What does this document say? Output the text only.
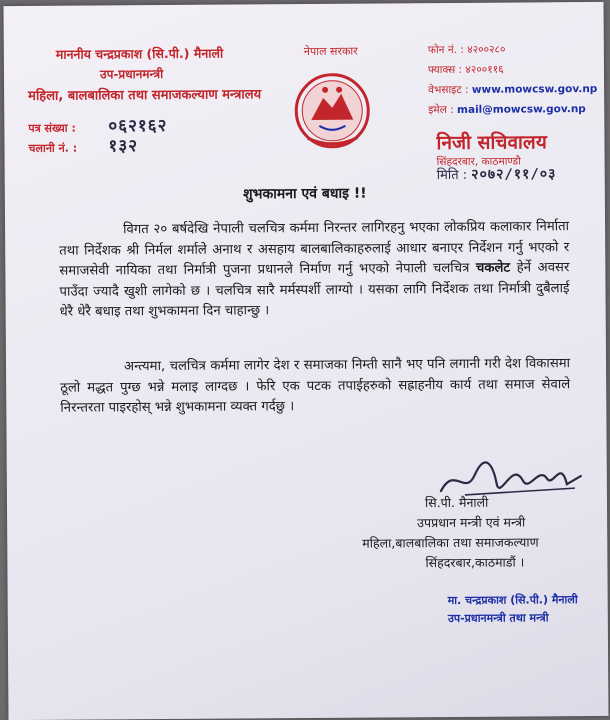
माननीय चन्द्रप्रकाश (सि.पी.) मैनाली
उप-प्रधानमन्त्री
महिला, बालबालिका तथा समाजकल्याण मन्त्रालय
पत्र संख्या : ०६२१६२
चलानी नं. : १३२
नेपाल सरकार	फोन नं. : ४२००२८०
फ्याक्स : ४२००११६
वेभसाइट : www.mowcsw.gov.np
इमेल : mail@mowcsw.gov.np
निजी सचिवालय
सिंहदरबार, काठमाण्डौ
मिति : २०७२/११/०३
शुभकामना एवं बधाइ !!
विगत २० बर्षदेखि नेपाली चलचित्र कर्ममा निरन्तर लागिरहनु भएका लोकप्रिय कलाकार निर्माता तथा निर्देशक श्री निर्मल शर्मालेे अनाथ र असहाय बालबालिकाहरुलाई आधार बनाएर निर्देशन गर्नु भएको र समाजसेवी नायिका तथा निर्मात्री पुजना प्रधानले निर्माण गर्नु भएको नेपाली चलचित्र चकलेट हेर्ने अवसर पाउँदा ज्यादै खुशी लागेको छ । चलचित्र सारै मर्मस्पर्शी लाग्यो । यसका लागि निर्देशक तथा निर्मात्री दुबैलाई धेरै धेरै बधाइ तथा शुभकामना दिन चाहान्छु ।
अन्त्यमा, चलचित्र कर्ममा लागेर देश र समाजका निम्ती सानै भए पनि लगानी गरी देश विकासमा ठूलो मद्धत पुग्छ भन्ने मलाइ लाग्दछ । फेरि एक पटक तपाईहरुको सह्राहनीय कार्य तथा समाज सेवाले निरन्तरता पाइरहोस् भन्ने शुभकामना व्यक्त गर्दछु ।
सि.पी. मैनाली
उपप्रधान मन्त्री एवं मन्त्री
महिला,बालबालिका तथा समाजकल्याण
सिंहदरबार,काठमाडौं ।
मा. चन्द्रप्रकाश (सि.पी.) मैनाली
उप-प्रधानमन्त्री तथा मन्त्री
